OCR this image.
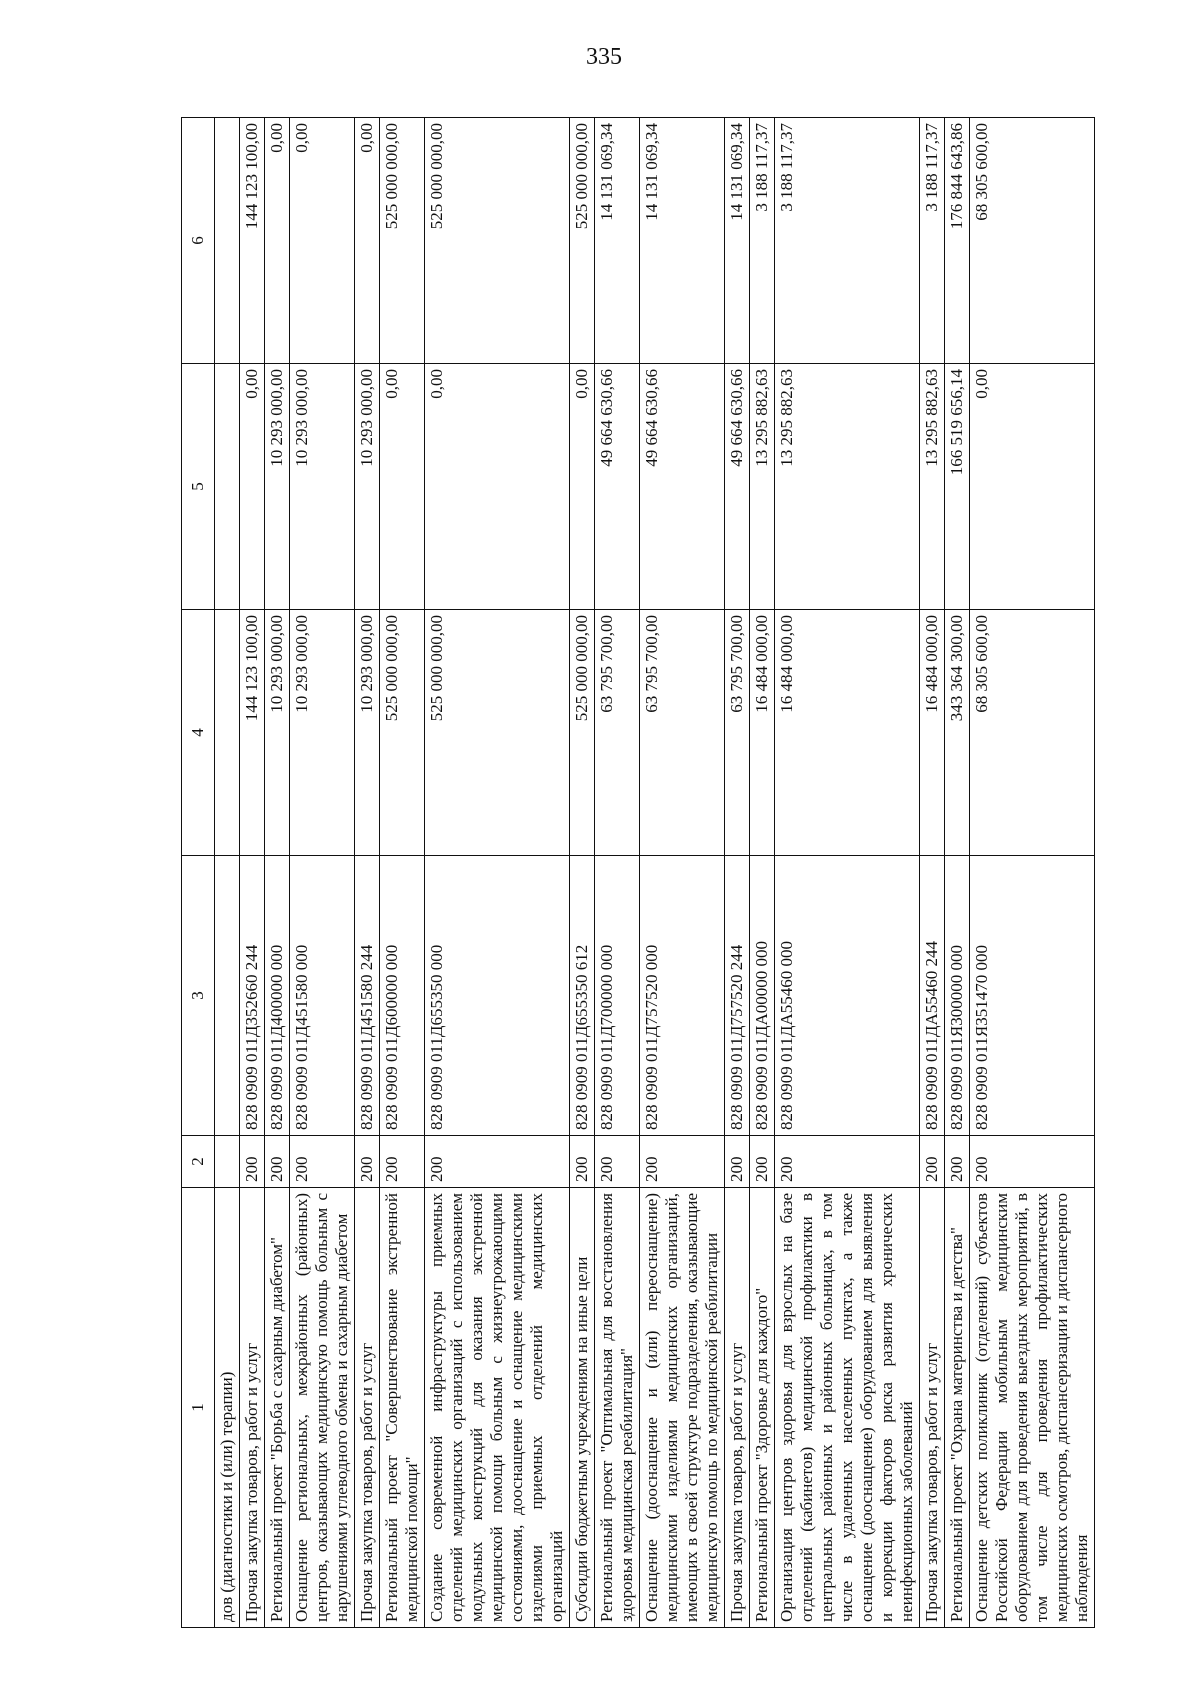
335
1	2	3	4	5	6
дов (диагностики и (или) терапии)					
Прочая закупка товаров, работ и услуг	200	828 0909 011Д352660 244	144 123 100,00	0,00	144 123 100,00
Региональный проект "Борьба с сахарным диабетом"	200	828 0909 011Д400000 000	10 293 000,00	10 293 000,00	0,00
Оснащение региональных, межрайонных (районных) центров, оказывающих медицинскую помощь больным с нарушениями углеводного обмена и сахарным диабетом	200	828 0909 011Д451580 000	10 293 000,00	10 293 000,00	0,00
Прочая закупка товаров, работ и услуг	200	828 0909 011Д451580 244	10 293 000,00	10 293 000,00	0,00
Региональный проект "Совершенствование экстренной медицинской помощи"	200	828 0909 011Д600000 000	525 000 000,00	0,00	525 000 000,00
Создание современной инфраструктуры приемных отделений медицинских организаций с использованием модульных конструкций для оказания экстренной медицинской помощи больным с жизнеугрожающими состояниями, дооснащение и оснащение медицинскими изделиями приемных отделений медицинских организаций	200	828 0909 011Д655350 000	525 000 000,00	0,00	525 000 000,00
Субсидии бюджетным учреждениям на иные цели	200	828 0909 011Д655350 612	525 000 000,00	0,00	525 000 000,00
Региональный проект "Оптимальная для восстановления здоровья медицинская реабилитация"	200	828 0909 011Д700000 000	63 795 700,00	49 664 630,66	14 131 069,34
Оснащение (дооснащение и (или) переоснащение) медицинскими изделиями медицинских организаций, имеющих в своей структуре подразделения, оказывающие медицинскую помощь по медицинской реабилитации	200	828 0909 011Д757520 000	63 795 700,00	49 664 630,66	14 131 069,34
Прочая закупка товаров, работ и услуг	200	828 0909 011Д757520 244	63 795 700,00	49 664 630,66	14 131 069,34
Региональный проект "Здоровье для каждого"	200	828 0909 011ДА00000 000	16 484 000,00	13 295 882,63	3 188 117,37
Организация центров здоровья для взрослых на базе отделений (кабинетов) медицинской профилактики в центральных районных и районных больницах, в том числе в удаленных населенных пунктах, а также оснащение (дооснащение) оборудованием для выявления и коррекции факторов риска развития хронических неинфекционных заболеваний	200	828 0909 011ДА55460 000	16 484 000,00	13 295 882,63	3 188 117,37
Прочая закупка товаров, работ и услуг	200	828 0909 011ДА55460 244	16 484 000,00	13 295 882,63	3 188 117,37
Региональный проект "Охрана материнства и детства"	200	828 0909 011Я300000 000	343 364 300,00	166 519 656,14	176 844 643,86
Оснащение детских поликлиник (отделений) субъектов Российской Федерации мобильным медицинским оборудованием для проведения выездных мероприятий, в том числе для проведения профилактических медицинских осмотров, диспансеризации и диспансерного наблюдения	200	828 0909 011Я351470 000	68 305 600,00	0,00	68 305 600,00
